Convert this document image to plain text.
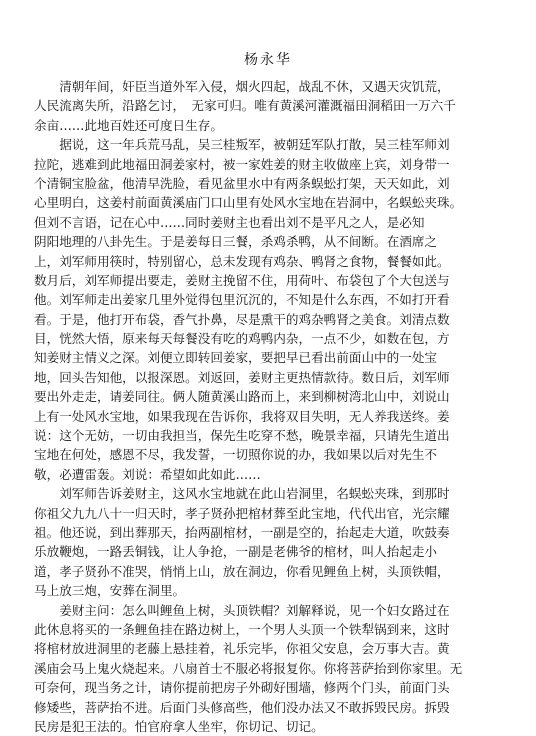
杨永华
　　清朝年间，奸臣当道外军入侵，烟火四起，战乱不休，又遇天灾饥荒，
人民流离失所，沿路乞讨，　无家可归。唯有黄溪河灌溉福田洞稻田一万六千
余亩……此地百姓还可度日生存。
　　据说，这一年兵荒马乱，吴三桂叛军，被朝廷军队打散，吴三桂军师刘
拉陀，逃难到此地福田洞姜家村，被一家姓姜的财主收做座上宾，刘身带一
个清铜宝脸盆，他清早洗脸，看见盆里水中有两条蜈蚣打架，天天如此，刘
心里明白，这姜村前面黄溪庙门口山里有处风水宝地在岩洞中，名蜈蚣夹珠。
但刘不言语，记在心中……同时姜财主也看出刘不是平凡之人，是必知
阴阳地理的八卦先生。于是姜每日三餐，杀鸡杀鸭，从不间断。在酒席之
上，刘军师用筷时，特别留心，总未发现有鸡杂、鸭肾之食物，餐餐如此。
数月后，刘军师提出要走，姜财主挽留不住，用荷叶、布袋包了个大包送与
他。刘军师走出姜家几里外觉得包里沉沉的，不知是什么东西，不如打开看
看。于是，他打开布袋，香气扑鼻，尽是熏干的鸡杂鸭肾之美食。刘清点数
目，恍然大悟，原来每天每餐没有吃的鸡鸭内杂，一点不少，如数在包，方
知姜财主情义之深。刘便立即转回姜家，要把早已看出前面山中的一处宝
地，回头告知他，以报深恩。刘返回，姜财主更热情款待。数日后，刘军师
要出外走走，请姜同往。俩人随黄溪山路而上，来到柳树湾北山中，刘说山
上有一处风水宝地，如果我现在告诉你，我将双目失明，无人养我送终。姜
说：这个无妨，一切由我担当，保先生吃穿不愁，晚景幸福，只请先生道出
宝地在何处，感恩不尽，我发誓，一切照你说的办，我如果以后对先生不
敬，必遭雷轰。刘说：希望如此如此……
　　刘军师告诉姜财主，这风水宝地就在此山岩洞里，名蜈蚣夹珠，到那时
你祖父九九八十一归天时，孝子贤孙把棺材葬至此宝地，代代出官，光宗耀
祖。他还说，到出葬那天，抬两副棺材，一副是空的，抬起走大道，吹鼓奏
乐放鞭炮，一路丢铜钱，让人争抢，一副是老佛爷的棺材，叫人抬起走小
道，孝子贤孙不准哭，悄悄上山，放在洞边，你看见鲤鱼上树，头顶铁帽，
马上放三炮，安葬在洞里。
　　姜财主问：怎么叫鲤鱼上树，头顶铁帽？刘解释说，见一个妇女路过在
此休息将买的一条鲤鱼挂在路边树上，一个男人头顶一个铁犁锅到来，这时
将棺材放进洞里的老藤上悬挂着，礼乐完毕，你祖父安息，会万事大吉。黄
溪庙会马上鬼火烧起来。八扇首士不服必将报复你。你将菩萨抬到你家里。无
可奈何，现当务之计，请你提前把房子外砌好围墙，修两个门头，前面门头
修矮些，菩萨抬不进。后面门头修高些，他们没办法又不敢拆毁民房。拆毁
民房是犯王法的。怕官府拿人坐牢，你切记、切记。
